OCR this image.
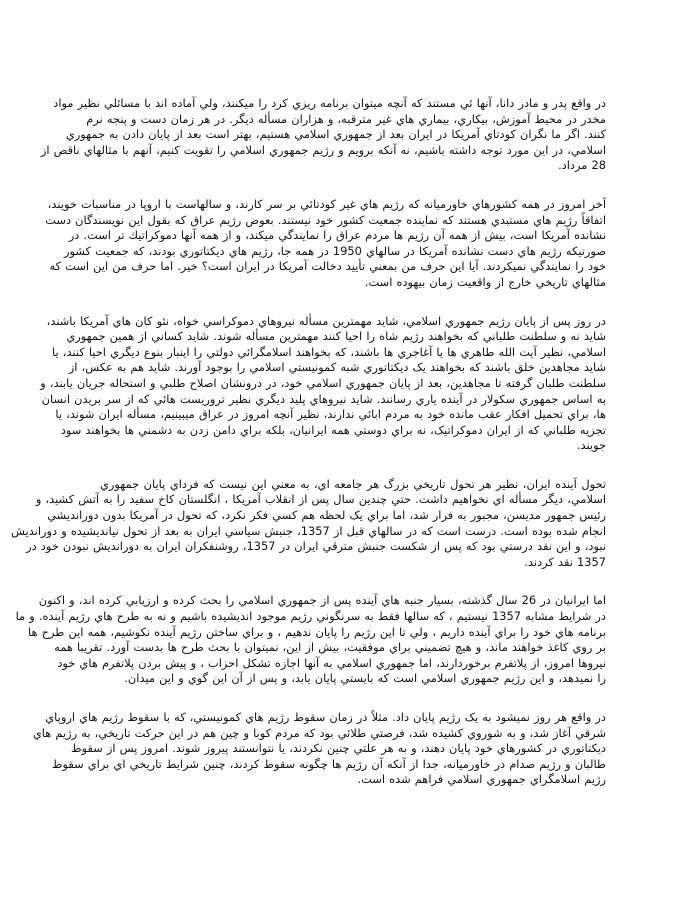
در واقع پدر و مادر دانا، آنها ئي مستند كه آنچه ميتوان برنامه ريزي كرد را ميكنند، ولي آماده اند با مسائلي نظير مواد
مخدر در محيط آموزش، بيكاري، بيماري هاي غير مترقبه، و هزاران مسأله ديگر. در هر زمان دست و پنجه نرم
كنند. اگر ما نگران كودتاي آمريكا در ايران بعد از جمهوري اسلامي هستيم، بهتر است بعد از پايان دادن به جمهوري
اسلامي، در اين مورد توجه داشته باشيم، نه آنكه برويم و رژيم جمهوري اسلامي را تقويت كنيم، آنهم با مثالهاي ناقص از
28 مرداد.
آخر امروز در همه كشورهاي خاورميانه كه رژيم هاي غير كودتائي بر سر كارند، و سالهاست با اروپا در مناسبات خويند،
اتفاقاً رژيم هاي مستبدي هستند كه نماينده جمعيت كشور خود نيستند. بعوض رژيم عراق كه بقول اين نويسندگان دست
نشانده آمريكا است، بيش از همه آن رژيم ها مردم عراق را نمايندگي ميكند، و از همه آنها دموكراتيك تر است. در
صورتيكه رژيم هاي دست نشانده آمريكا در سالهاي 1950 در همه جا، رژيم هاي ديكتاتوري بودند، كه جمعيت كشور
خود را نمايندگي نميكردند. آيا اين حرف من بمعني تأييد دخالت آمريكا در ايران است؟ خير. اما حرف من اين است كه
مثالهاي تاريخي خارج از واقعيت زمان بيهوده است.
در روز پس از پايان رژيم جمهوري اسلامي، شايد مهمترين مسأله نيروهاي دموكراسي خواه، نئو كان هاي آمريكا باشند،
شايد نه و سلطنت طلباني كه بخواهند رژيم شاه را احيا كنند مهمترين مسأله شوند. شايد كساني از همين جمهوري
اسلامي، نظير آيت الله طاهري ها يا آغاجري ها باشند، كه بخواهند اسلامگرائي دولتي را اينبار بنوع ديگري احيا كنند، يا
شايد مجاهدين خلق باشند كه بخواهند يک ديكتاتوري شبه كمونيستي اسلامي را بوجود آورند. شايد هم به عكس، از
سلطنت طلبان گرفته تا مجاهدين، بعد از پايان جمهوري اسلامي خود، در درونشان اصلاح طلبي و استحاله جريان يابند، و
به اساس جمهوري سكولار در آينده ياري رسانند. شايد نيروهاي پليد ديگري نظير تروريست هائي كه از سر بريدن انسان
ها، براي تحميل افكار عقب مانده خود به مردم ابائي ندارند، نظير آنچه امروز در عراق ميبينيم، مسأله ايران شوند، يا
تجزيه طلباني كه از ايران دموكراتيک، نه براي دوستي همه ايرانيان، بلكه براي دامن زدن به دشمني ها بخواهند سود
جويند.
تحول آينده ايران، نظير هر تحول تاريخي بزرگ هر جامعه اي، به معني اين نيست كه فرداي پايان جمهوري
اسلامي، ديگر مسأله اي نخواهيم داشت. حتي چندين سال پس از انقلاب آمريكا ، انگلستان كاخ سفيد را به آتش كشيد، و
رئيس جمهور مديسن، مجبور به فرار شد، اما براي يک لحظه هم كسي فكر نكرد، كه تحول در آمريكا بدون دورانديشي
انجام شده بوده است. درست است كه در سالهاي قبل از 1357، جنبش سياسي ايران به بعد از تحول نيانديشيده و دورانديش
نبود، و اين نقد درستي بود كه پس از شكست جنبش مترقي ايران در 1357، روشنفكران ايران به دورانديش نبودن خود در
1357 نقد كردند.
اما ايرانيان در 26 سال گذشته، بسيار جنبه هاي آينده پس از جمهوري اسلامي را بحث كرده و ارزيابي كرده اند، و اكنون
در شرايط مشابه 1357 نيستيم ، كه سالها فقط به سرنگوني رژيم موجود انديشيده باشيم و نه به طرح هاي رژيم آينده. و ما
برنامه هاي خود را براي آينده داريم ، ولي تا اين رژيم را پايان ندهيم ، و براي ساختن رژيم آينده نكوشيم، همه اين طرح ها
بر روي كاغذ خواهند ماند، و هيچ تضميني براي موفقيت، بيش از اين، نميتوان با بحث طرح ها بدست آورد. تقريبا همه
نيروها امروز، از پلاتفرم برخوردارند، اما جمهوري اسلامي به آنها اجازه تشكل احزاب ، و پيش بردن پلاتفرم هاي خود
را نميدهد، و اين رژيم جمهوري اسلامي است كه بايستي پايان يابد، و پس از آن اين گوي و اين ميدان.
در واقع هر روز نميشود به يک رژيم پايان داد. مثلاً در زمان سقوط رژيم هاي كمونيستي، كه با سقوط رژيم هاي اروپاي
شرقي آغاز شد، و به شوروي كشيده شد، فرصتي طلائي بود كه مردم كوبا و چين هم در اين حركت تاريخي، به رژيم هاي
ديكتاتوري در كشورهاي خود پايان دهند، و به هر علتي چنين نكردند، يا نتوانستند پيروز شوند. امروز پس از سقوط
طالبان و رژيم صدام در خاورميانه، جدا از آنكه آن رژيم ها چگونه سقوط كردند، چنين شرايط تاريخي اي براي سقوط
رژيم اسلامگراي جمهوري اسلامي فراهم شده است.
